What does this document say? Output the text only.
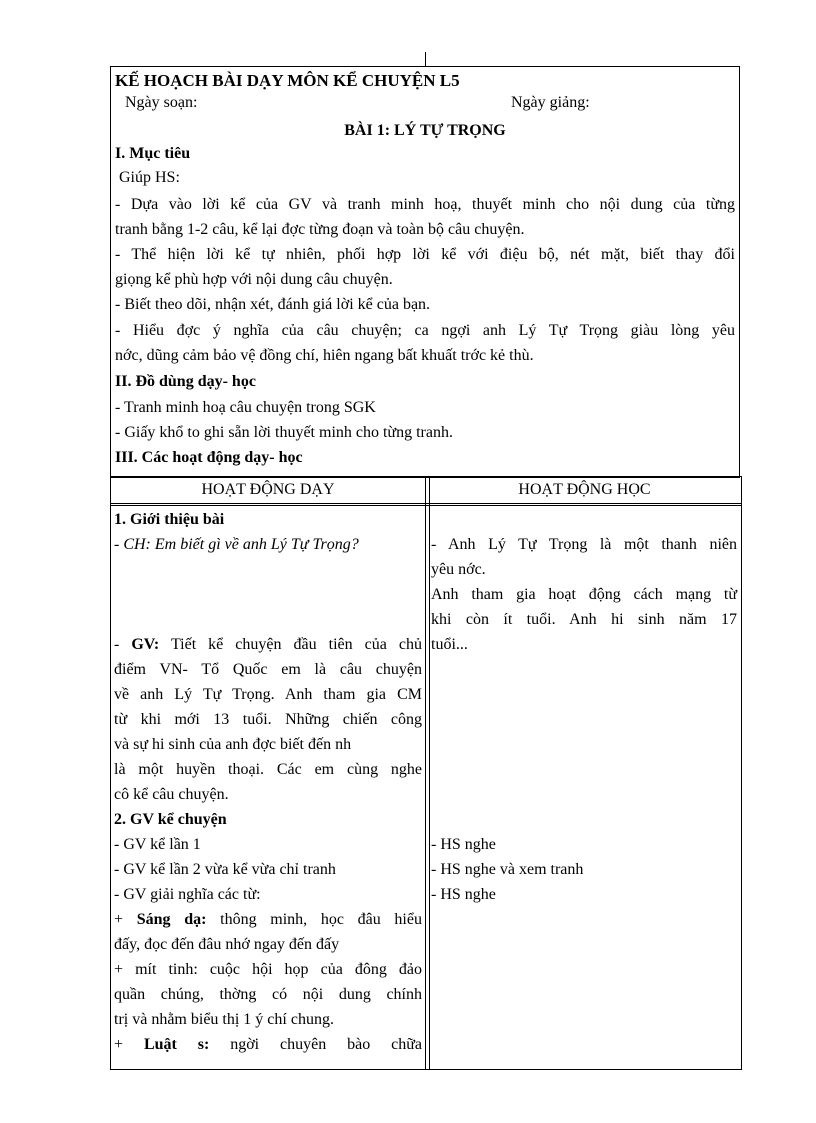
KẾ HOẠCH BÀI DẠY MÔN KỂ CHUYỆN L5
Ngày soạn:	Ngày giảng:
BÀI 1: LÝ TỰ TRỌNG
I. Mục tiêu
Giúp HS:
- Dựa vào lời kể của GV và tranh minh hoạ, thuyết minh cho nội dung của từng
tranh bằng 1-2 câu, kể lại đợc từng đoạn và toàn bộ câu chuyện.
- Thể hiện lời kể tự nhiên, phối hợp lời kể với điệu bộ, nét mặt, biết thay đổi
giọng kể phù hợp với nội dung câu chuyện.
- Biết theo dõi, nhận xét, đánh giá lời kể của bạn.
- Hiểu đợc ý nghĩa của câu chuyện; ca ngợi anh Lý Tự Trọng giàu lòng yêu
nớc, dũng cảm bảo vệ đồng chí, hiên ngang bất khuất trớc kẻ thù.
II. Đồ dùng dạy- học
- Tranh minh hoạ câu chuyện trong SGK
- Giấy khổ to ghi sẵn lời thuyết minh cho từng tranh.
III. Các hoạt động dạy- học
HOẠT ĐỘNG DẠY	HOẠT ĐỘNG HỌC
1. Giới thiệu bài
- CH: Em biết gì về anh Lý Tự Trọng?
- GV: Tiết kể chuyện đầu tiên của chủ
điểm VN- Tổ Quốc em là câu chuyện
về anh Lý Tự Trọng. Anh tham gia CM
từ khi mới 13 tuổi. Những chiến công
và sự hi sinh của anh đợc biết đến nh
là một huyền thoại. Các em cùng nghe
cô kể câu chuyện.
2. GV kể chuyện
- GV kể lần 1
- GV kể lần 2 vừa kể vừa chỉ tranh
- GV giải nghĩa các từ:
+ Sáng dạ: thông minh, học đâu hiểu
đấy, đọc đến đâu nhớ ngay đến đấy
+ mít tinh: cuộc hội họp của đông đảo
quần chúng, thờng có nội dung chính
trị và nhằm biểu thị 1 ý chí chung.
+ Luật s: ngời chuyên bào chữa
- Anh Lý Tự Trọng là một thanh niên
yêu nớc.
Anh tham gia hoạt động cách mạng từ
khi còn ít tuổi. Anh hi sinh năm 17
tuổi...
- HS nghe
- HS nghe và xem tranh
- HS nghe
